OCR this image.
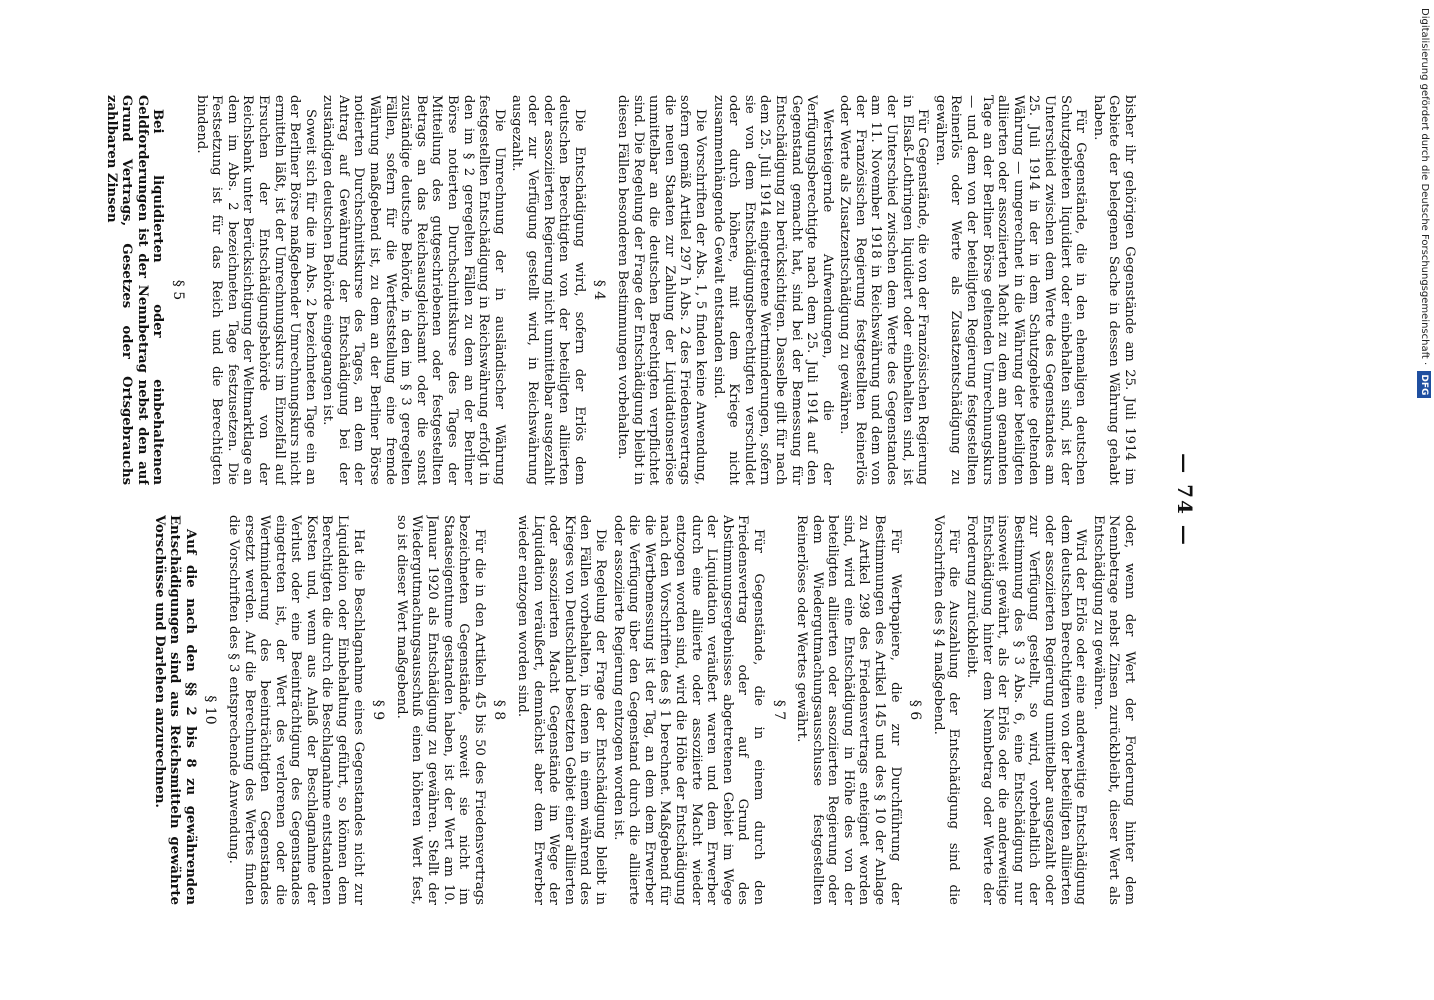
— 74 —

bisher ihr gehörigen Gegenstände am 25. Juli 1914 im Gebiete der belegenen Sache in dessen Währung gehabt haben.

Für Gegenstände, die in den ehemaligen deutschen Schutzgebieten liquidiert oder einbehalten sind, ist der Unterschied zwischen dem Werte des Gegenstandes am 25. Juli 1914 in der in dem Schutzgebiete geltenden Währung — umgerechnet in die Währung der beteiligten alliierten oder assoziierten Macht zu dem am genannten Tage an der Berliner Börse geltenden Umrechnungskurs — und dem von der beteiligten Regierung festgestellten Reinerlös oder Werte als Zusatzentschädigung zu gewähren.

Für Gegenstände, die von der Französischen Regierung in Elsaß-Lothringen liquidiert oder einbehalten sind, ist der Unterschied zwischen dem Werte des Gegenstandes am 11. November 1918 in Reichswährung und dem von der Französischen Regierung festgestellten Reinerlös oder Werte als Zusatzentschädigung zu gewähren.

Wertsteigernde Aufwendungen, die der Verfügungsberechtigte nach dem 25. Juli 1914 auf den Gegenstand gemacht hat, sind bei der Bemessung für Entschädigung zu berücksichtigen. Dasselbe gilt für nach dem 25. Juli 1914 eingetretene Wertminderungen, sofern sie von dem Entschädigungsberechtigten verschuldet oder durch höhere, mit dem Kriege nicht zusammenhängende Gewalt entstanden sind.

Die Vorschriften der Abs. 1, 5 finden keine Anwendung, sofern gemäß Artikel 297 h Abs. 2 des Friedensvertrags die neuen Staaten zur Zahlung der Liquidationserlöse unmittelbar an die deutschen Berechtigten verpflichtet sind. Die Regelung der Frage der Entschädigung bleibt in diesen Fällen besonderen Bestimmungen vorbehalten.

§ 4

Die Entschädigung wird, sofern der Erlös dem deutschen Berechtigten von der beteiligten alliierten oder assoziierten Regierung nicht unmittelbar ausgezahlt oder zur Verfügung gestellt wird, in Reichswährung ausgezahlt.

Die Umrechnung der in ausländischer Währung festgestellten Entschädigung in Reichswährung erfolgt in den im § 2 geregelten Fällen zu dem an der Berliner Börse notierten Durchschnittskurse des Tages der Mitteilung des gutgeschriebenen oder festgestellten Betrags an das Reichsausgleichsamt oder die sonst zuständige deutsche Behörde, in den im § 3 geregelten Fällen, sofern für die Wertfeststellung eine fremde Währung maßgebend ist, zu dem an der Berliner Börse notierten Durchschnittskurse des Tages, an dem der Antrag auf Gewährung der Entschädigung bei der zuständigen deutschen Behörde eingegangen ist.

Soweit sich für die im Abs. 2 bezeichneten Tage ein an der Berliner Börse maßgebender Umrechnungskurs nicht ermitteln läßt, ist der Umrechnungskurs im Einzelfall auf Ersuchen der Entschädigungsbehörde von der Reichsbank unter Berücksichtigung der Weltmarktlage an dem im Abs. 2 bezeichneten Tage festzusetzen. Die Festsetzung ist für das Reich und die Berechtigten bindend.

§ 5

Bei liquidierten oder einbehaltenen Geldforderungen ist der Nennbetrag nebst den auf Grund Vertrags, Gesetzes oder Ortsgebrauchs zahlbaren Zinsen

oder, wenn der Wert der Forderung hinter dem Nennbetrage nebst Zinsen zurückbleibt, dieser Wert als Entschädigung zu gewähren.

Wird der Erlös oder eine anderweitige Entschädigung dem deutschen Berechtigten von der beteiligten alliierten oder assoziierten Regierung unmittelbar ausgezahlt oder zur Verfügung gestellt, so wird, vorbehaltlich der Bestimmung des § 3 Abs. 6, eine Entschädigung nur insoweit gewährt, als der Erlös oder die anderweitige Entschädigung hinter dem Nennbetrag oder Werte der Forderung zurückbleibt.

Für die Auszahlung der Entschädigung sind die Vorschriften des § 4 maßgebend.

§ 6

Für Wertpapiere, die zur Durchführung der Bestimmungen des Artikel 145 und des § 10 der Anlage zu Artikel 298 des Friedensvertrags enteignet worden sind, wird eine Entschädigung in Höhe des von der beteiligten alliierten oder assoziierten Regierung oder dem Wiedergutmachungsausschusse festgestellten Reinerlöses oder Wertes gewährt.

§ 7

Für Gegenstände, die in einem durch den Friedensvertrag oder auf Grund des Abstimmungsergebnisses abgetretenen Gebiet im Wege der Liquidation veräußert waren und dem Erwerber durch eine alliierte oder assoziierte Macht wieder entzogen worden sind, wird die Höhe der Entschädigung nach den Vorschriften des § 1 berechnet. Maßgebend für die Wertbemessung ist der Tag, an dem dem Erwerber die Verfügung über den Gegenstand durch die alliierte oder assoziierte Regierung entzogen worden ist.

Die Regelung der Frage der Entschädigung bleibt in den Fällen vorbehalten, in denen in einem während des Krieges von Deutschland besetzten Gebiet einer alliierten oder assoziierten Macht Gegenstände im Wege der Liquidation veräußert, demnächst aber dem Erwerber wieder entzogen worden sind.

§ 8

Für die in den Artikeln 45 bis 50 des Friedensvertrags bezeichneten Gegenstände, soweit sie nicht im Staatseigentume gestanden haben, ist der Wert am 10. Januar 1920 als Entschädigung zu gewähren. Stellt der Wiedergutmachungsausschuß einen höheren Wert fest, so ist dieser Wert maßgebend.

§ 9

Hat die Beschlagnahme eines Gegenstandes nicht zur Liquidation oder Einbehaltung geführt, so können dem Berechtigten die durch die Beschlagnahme entstandenen Kosten und, wenn aus Anlaß der Beschlagnahme der Verlust oder eine Beeinträchtigung des Gegenstandes eingetreten ist, der Wert des verlorenen oder die Wertminderung des beeinträchtigten Gegenstandes ersetzt werden. Auf die Berechnung des Wertes finden die Vorschriften des § 3 entsprechende Anwendung.

§ 10

Auf die nach den §§ 2 bis 8 zu gewährenden Entschädigungen sind aus Reichsmitteln gewährte Vorschüsse und Darlehen anzurechnen.

Digitalisierung gefördert durch die Deutsche Forschungsgemeinschaft · DFG
